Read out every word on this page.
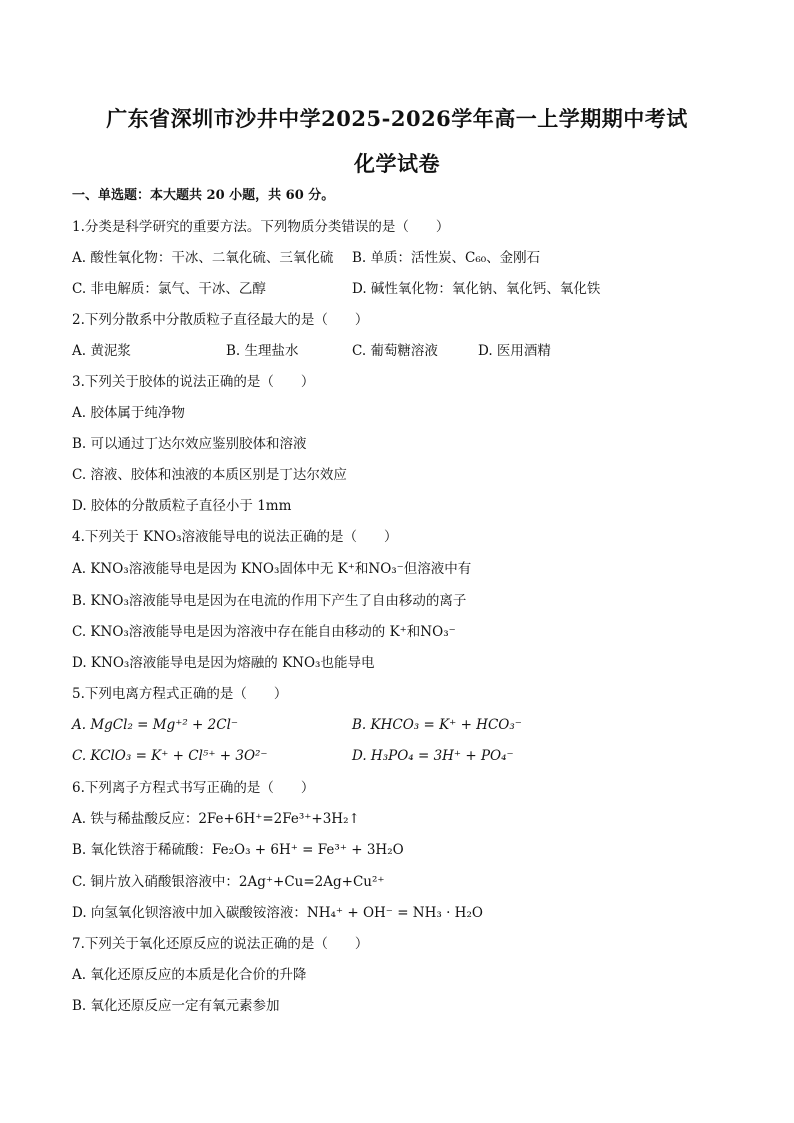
广东省深圳市沙井中学2025-2026学年高一上学期期中考试
化学试卷
一、单选题：本大题共 20 小题，共 60 分。
1.分类是科学研究的重要方法。下列物质分类错误的是（　　）
A. 酸性氧化物：干冰、二氧化硫、三氧化硫 B. 单质：活性炭、C₆₀、金刚石
C. 非电解质：氯气、干冰、乙醇	D. 碱性氧化物：氧化钠、氧化钙、氧化铁
2.下列分散系中分散质粒子直径最大的是（　　）
A. 黄泥浆	B. 生理盐水	C. 葡萄糖溶液	D. 医用酒精
3.下列关于胶体的说法正确的是（　　）
A. 胶体属于纯净物
B. 可以通过丁达尔效应鉴别胶体和溶液
C. 溶液、胶体和浊液的本质区别是丁达尔效应
D. 胶体的分散质粒子直径小于 1mm
4.下列关于 KNO₃溶液能导电的说法正确的是（　　）
A. KNO₃溶液能导电是因为 KNO₃固体中无 K⁺和NO₃⁻但溶液中有
B. KNO₃溶液能导电是因为在电流的作用下产生了自由移动的离子
C. KNO₃溶液能导电是因为溶液中存在能自由移动的 K⁺和NO₃⁻
D. KNO₃溶液能导电是因为熔融的 KNO₃也能导电
5.下列电离方程式正确的是（　　）
A. MgCl₂ = Mg⁺² + 2Cl⁻	B. KHCO₃ = K⁺ + HCO₃⁻
C. KClO₃ = K⁺ + Cl⁵⁺ + 3O²⁻	D. H₃PO₄ = 3H⁺ + PO₄⁻
6.下列离子方程式书写正确的是（　　）
A. 铁与稀盐酸反应：2Fe+6H⁺=2Fe³⁺+3H₂↑
B. 氧化铁溶于稀硫酸：Fe₂O₃ + 6H⁺ = Fe³⁺ + 3H₂O
C. 铜片放入硝酸银溶液中：2Ag⁺+Cu=2Ag+Cu²⁺
D. 向氢氧化钡溶液中加入碳酸铵溶液：NH₄⁺ + OH⁻ = NH₃ · H₂O
7.下列关于氧化还原反应的说法正确的是（　　）
A. 氧化还原反应的本质是化合价的升降
B. 氧化还原反应一定有氧元素参加
